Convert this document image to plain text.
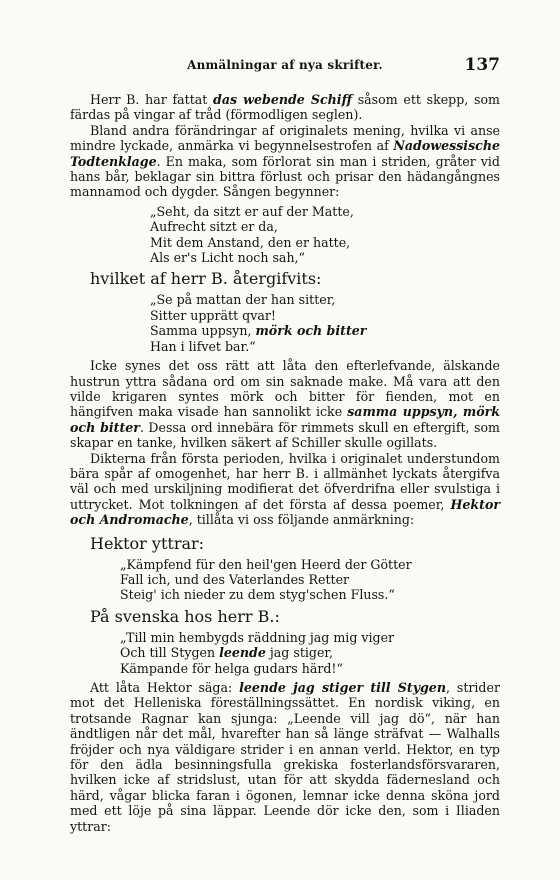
Anmälningar af nya skrifter.	137

Herr B. har fattat das webende Schiff såsom ett skepp, som färdas på vingar af tråd (förmodligen seglen).

Bland andra förändringar af originalets mening, hvilka vi anse mindre lyckade, anmärka vi begynnelsestrofen af Nadowessische Todtenklage. En maka, som förlorat sin man i striden, gråter vid hans bår, beklagar sin bittra förlust och prisar den hädangångnes mannamod och dygder. Sången begynner:

„Seht, da sitzt er auf der Matte,
Aufrecht sitzt er da,
Mit dem Anstand, den er hatte,
Als er's Licht noch sah,“
hvilket af herr B. återgifvits:
„Se på mattan der han sitter,
Sitter upprätt qvar!
Samma uppsyn, mörk och bitter
Han i lifvet bar.“

Icke synes det oss rätt att låta den efterlefvande, älskande hustrun yttra sådana ord om sin saknade make. Må vara att den vilde krigaren syntes mörk och bitter för fienden, mot en hängifven maka visade han sannolikt icke samma uppsyn, mörk och bitter. Dessa ord innebära för rimmets skull en eftergift, som skapar en tanke, hvilken säkert af Schiller skulle ogillats.

Dikterna från första perioden, hvilka i originalet understundom bära spår af omogenhet, har herr B. i allmänhet lyckats återgifva väl och med urskiljning modifierat det öfverdrifna eller svulstiga i uttrycket. Mot tolkningen af det första af dessa poemer, Hektor och Andromache, tillåta vi oss följande anmärkning:

Hektor yttrar:
„Kämpfend für den heil'gen Heerd der Götter
Fall ich, und des Vaterlandes Retter
Steig' ich nieder zu dem styg'schen Fluss.“
På svenska hos herr B.:
„Till min hembygds räddning jag mig viger
Och till Stygen leende jag stiger,
Kämpande för helga gudars härd!“

Att låta Hektor säga: leende jag stiger till Stygen, strider mot det Helleniska föreställningssättet. En nordisk viking, en trotsande Ragnar kan sjunga: „Leende vill jag dö“, när han ändtligen når det mål, hvarefter han så länge sträfvat — Walhalls fröjder och nya väldigare strider i en annan verld. Hektor, en typ för den ädla besinningsfulla grekiska fosterlandsförsvararen, hvilken icke af stridslust, utan för att skydda fädernesland och härd, vågar blicka faran i ögonen, lemnar icke denna sköna jord med ett löje på sina läppar. Leende dör icke den, som i Iliaden yttrar:
